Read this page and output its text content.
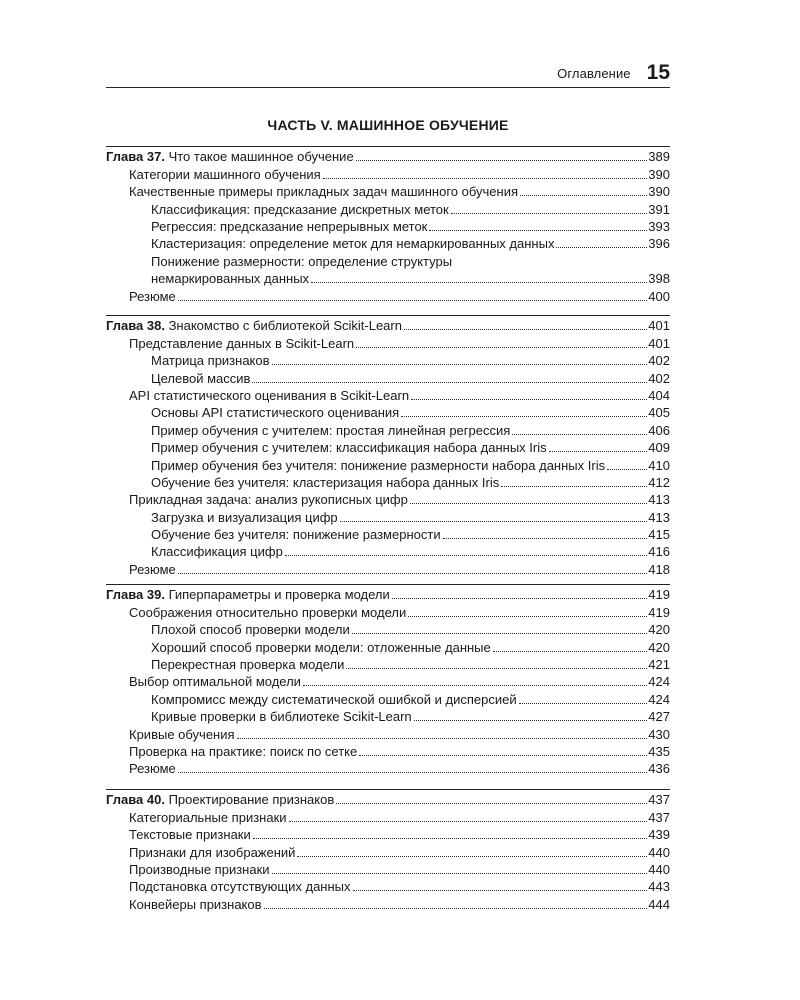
Оглавление 15
ЧАСТЬ V. МАШИННОЕ ОБУЧЕНИЕ
Глава 37. Что такое машинное обучение	389
Категории машинного обучения	390
Качественные примеры прикладных задач машинного обучения	390
Классификация: предсказание дискретных меток	391
Регрессия: предсказание непрерывных меток	393
Кластеризация: определение меток для немаркированных данных	396
Понижение размерности: определение структуры
немаркированных данных	398
Резюме	400
Глава 38. Знакомство с библиотекой Scikit-Learn	401
Представление данных в Scikit-Learn	401
Матрица признаков	402
Целевой массив	402
API статистического оценивания в Scikit-Learn	404
Основы API статистического оценивания	405
Пример обучения с учителем: простая линейная регрессия	406
Пример обучения с учителем: классификация набора данных Iris	409
Пример обучения без учителя: понижение размерности набора данных Iris	410
Обучение без учителя: кластеризация набора данных Iris	412
Прикладная задача: анализ рукописных цифр	413
Загрузка и визуализация цифр	413
Обучение без учителя: понижение размерности	415
Классификация цифр	416
Резюме	418
Глава 39. Гиперпараметры и проверка модели	419
Соображения относительно проверки модели	419
Плохой способ проверки модели	420
Хороший способ проверки модели: отложенные данные	420
Перекрестная проверка модели	421
Выбор оптимальной модели	424
Компромисс между систематической ошибкой и дисперсией	424
Кривые проверки в библиотеке Scikit-Learn	427
Кривые обучения	430
Проверка на практике: поиск по сетке	435
Резюме	436
Глава 40. Проектирование признаков	437
Категориальные признаки	437
Текстовые признаки	439
Признаки для изображений	440
Производные признаки	440
Подстановка отсутствующих данных	443
Конвейеры признаков	444
